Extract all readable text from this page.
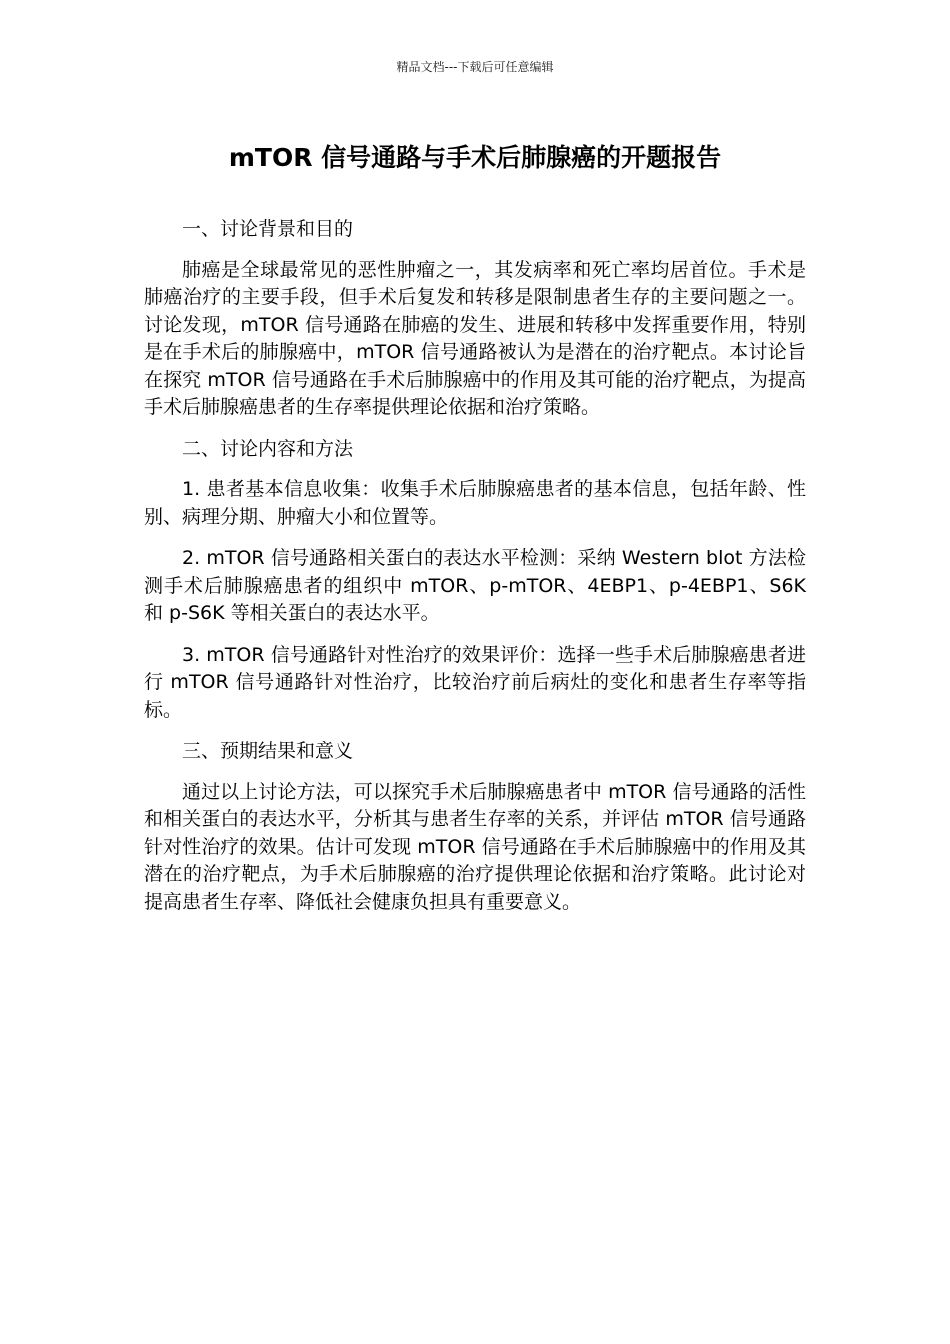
精品文档---下载后可任意编辑
mTOR 信号通路与手术后肺腺癌的开题报告

一、讨论背景和目的

肺癌是全球最常见的恶性肿瘤之一，其发病率和死亡率均居首位。手术是肺癌治疗的主要手段，但手术后复发和转移是限制患者生存的主要问题之一。讨论发现，mTOR 信号通路在肺癌的发生、进展和转移中发挥重要作用，特别是在手术后的肺腺癌中，mTOR 信号通路被认为是潜在的治疗靶点。本讨论旨在探究 mTOR 信号通路在手术后肺腺癌中的作用及其可能的治疗靶点，为提高手术后肺腺癌患者的生存率提供理论依据和治疗策略。

二、讨论内容和方法

1. 患者基本信息收集：收集手术后肺腺癌患者的基本信息，包括年龄、性别、病理分期、肿瘤大小和位置等。

2. mTOR 信号通路相关蛋白的表达水平检测：采纳 Western blot 方法检测手术后肺腺癌患者的组织中 mTOR、p-mTOR、4EBP1、p-4EBP1、S6K 和 p-S6K 等相关蛋白的表达水平。

3. mTOR 信号通路针对性治疗的效果评价：选择一些手术后肺腺癌患者进行 mTOR 信号通路针对性治疗，比较治疗前后病灶的变化和患者生存率等指标。

三、预期结果和意义

通过以上讨论方法，可以探究手术后肺腺癌患者中 mTOR 信号通路的活性和相关蛋白的表达水平，分析其与患者生存率的关系，并评估 mTOR 信号通路针对性治疗的效果。估计可发现 mTOR 信号通路在手术后肺腺癌中的作用及其潜在的治疗靶点，为手术后肺腺癌的治疗提供理论依据和治疗策略。此讨论对提高患者生存率、降低社会健康负担具有重要意义。
